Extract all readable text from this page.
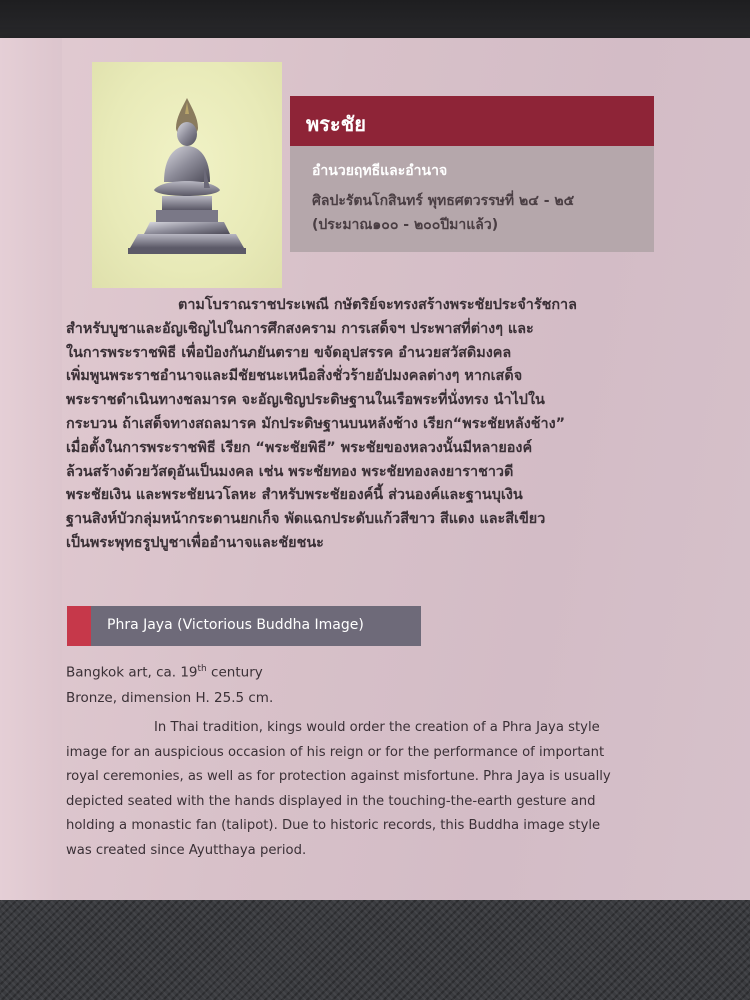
พระชัย
อำนวยฤทธีและอำนาจ
ศิลปะรัตนโกสินทร์ พุทธศตวรรษที่ ๒๔ - ๒๕
(ประมาณ๑๐๐ - ๒๐๐ปีมาแล้ว)
ตามโบราณราชประเพณี กษัตริย์จะทรงสร้างพระชัยประจำรัชกาล
สำหรับบูชาและอัญเชิญไปในการศึกสงคราม การเสด็จฯ ประพาสที่ต่างๆ และ
ในการพระราชพิธี เพื่อป้องกันภยันตราย ขจัดอุปสรรค อำนวยสวัสดิมงคล
เพิ่มพูนพระราชอำนาจและมีชัยชนะเหนือสิ่งชั่วร้ายอัปมงคลต่างๆ หากเสด็จ
พระราชดำเนินทางชลมารค จะอัญเชิญประดิษฐานในเรือพระที่นั่งทรง นำไปใน
กระบวน ถ้าเสด็จทางสถลมารค มักประดิษฐานบนหลังช้าง เรียก“พระชัยหลังช้าง”
เมื่อตั้งในการพระราชพิธี เรียก “พระชัยพิธี” พระชัยของหลวงนั้นมีหลายองค์
ล้วนสร้างด้วยวัสดุอันเป็นมงคล เช่น พระชัยทอง พระชัยทองลงยาราชาวดี
พระชัยเงิน และพระชัยนวโลหะ สำหรับพระชัยองค์นี้ ส่วนองค์และฐานบุเงิน
ฐานสิงห์บัวกลุ่มหน้ากระดานยกเก็จ พัดแฉกประดับแก้วสีขาว สีแดง และสีเขียว
เป็นพระพุทธรูปบูชาเพื่ออำนาจและชัยชนะ
Phra Jaya (Victorious Buddha Image)
Bangkok art, ca. 19th century
Bronze, dimension H. 25.5 cm.
In Thai tradition, kings would order the creation of a Phra Jaya style
image for an auspicious occasion of his reign or for the performance of important
royal ceremonies, as well as for protection against misfortune. Phra Jaya is usually
depicted seated with the hands displayed in the touching-the-earth gesture and
holding a monastic fan (talipot). Due to historic records, this Buddha image style
was created since Ayutthaya period.
